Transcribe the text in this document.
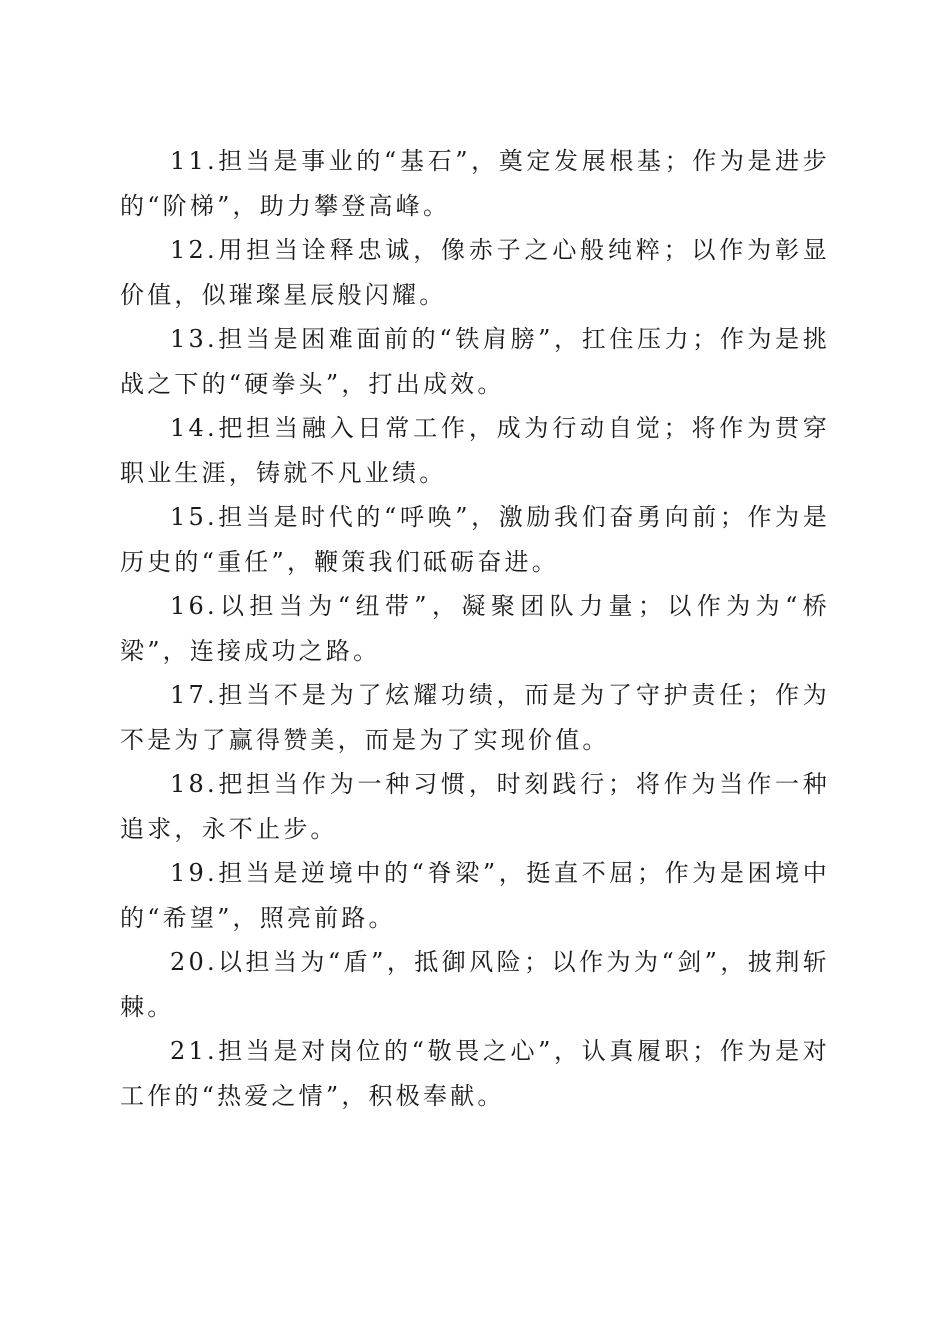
11.担当是事业的“基石”，奠定发展根基；作为是进步的“阶梯”，助力攀登高峰。

12.用担当诠释忠诚，像赤子之心般纯粹；以作为彰显价值，似璀璨星辰般闪耀。

13.担当是困难面前的“铁肩膀”，扛住压力；作为是挑战之下的“硬拳头”，打出成效。

14.把担当融入日常工作，成为行动自觉；将作为贯穿职业生涯，铸就不凡业绩。

15.担当是时代的“呼唤”，激励我们奋勇向前；作为是历史的“重任”，鞭策我们砥砺奋进。

16.以担当为“纽带”，凝聚团队力量；以作为为“桥梁”，连接成功之路。

17.担当不是为了炫耀功绩，而是为了守护责任；作为不是为了赢得赞美，而是为了实现价值。

18.把担当作为一种习惯，时刻践行；将作为当作一种追求，永不止步。

19.担当是逆境中的“脊梁”，挺直不屈；作为是困境中的“希望”，照亮前路。

20.以担当为“盾”，抵御风险；以作为为“剑”，披荆斩棘。

21.担当是对岗位的“敬畏之心”，认真履职；作为是对工作的“热爱之情”，积极奉献。
